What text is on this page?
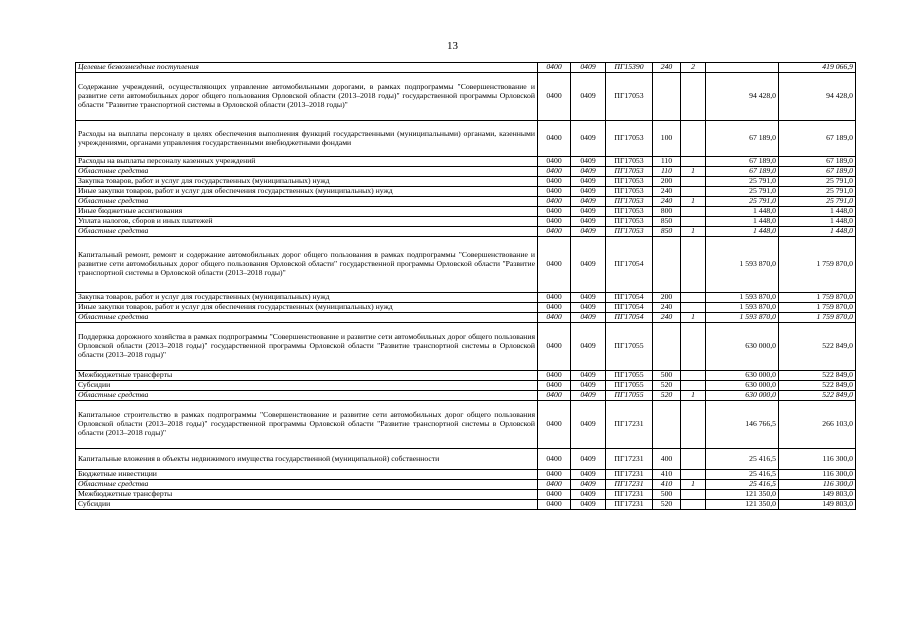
13
Целевые безвозмездные поступления	0400	0409	ПГ15390	240	2		419 066,9
Содержание учреждений, осуществляющих управление автомобильными дорогами, в рамках подпрограммы "Совершенствование и развитие сети автомобильных дорог общего пользования Орловской области (2013–2018 годы)" государственной программы Орловской области "Развитие транспортной системы в Орловской области (2013–2018 годы)"	0400	0409	ПГ17053			94 428,0	94 428,0
Расходы на выплаты персоналу в целях обеспечения выполнения функций государственными (муниципальными) органами, казенными учреждениями, органами управления государственными внебюджетными фондами	0400	0409	ПГ17053	100		67 189,0	67 189,0
Расходы на выплаты персоналу казенных учреждений	0400	0409	ПГ17053	110		67 189,0	67 189,0
Областные средства	0400	0409	ПГ17053	110	1	67 189,0	67 189,0
Закупка товаров, работ и услуг для государственных (муниципальных) нужд	0400	0409	ПГ17053	200		25 791,0	25 791,0
Иные закупки товаров, работ и услуг для обеспечения государственных (муниципальных) нужд	0400	0409	ПГ17053	240		25 791,0	25 791,0
Областные средства	0400	0409	ПГ17053	240	1	25 791,0	25 791,0
Иные бюджетные ассигнования	0400	0409	ПГ17053	800		1 448,0	1 448,0
Уплата налогов, сборов и иных платежей	0400	0409	ПГ17053	850		1 448,0	1 448,0
Областные средства	0400	0409	ПГ17053	850	1	1 448,0	1 448,0
Капитальный ремонт, ремонт и содержание автомобильных дорог общего пользования в рамках подпрограммы "Совершенствование и развитие сети автомобильных дорог общего пользования Орловской области" государственной программы Орловской области "Развитие транспортной системы в Орловской области (2013–2018 годы)"	0400	0409	ПГ17054			1 593 870,0	1 759 870,0
Закупка товаров, работ и услуг для государственных (муниципальных) нужд	0400	0409	ПГ17054	200		1 593 870,0	1 759 870,0
Иные закупки товаров, работ и услуг для обеспечения государственных (муниципальных) нужд	0400	0409	ПГ17054	240		1 593 870,0	1 759 870,0
Областные средства	0400	0409	ПГ17054	240	1	1 593 870,0	1 759 870,0
Поддержка дорожного хозяйства в рамках подпрограммы "Совершенствование и развитие сети автомобильных дорог общего пользования Орловской области (2013–2018 годы)" государственной программы Орловской области "Развитие транспортной системы в Орловской области (2013–2018 годы)"	0400	0409	ПГ17055			630 000,0	522 849,0
Межбюджетные трансферты	0400	0409	ПГ17055	500		630 000,0	522 849,0
Субсидии	0400	0409	ПГ17055	520		630 000,0	522 849,0
Областные средства	0400	0409	ПГ17055	520	1	630 000,0	522 849,0
Капитальное строительство в рамках подпрограммы "Совершенствование и развитие сети автомобильных дорог общего пользования Орловской области (2013–2018 годы)" государственной программы Орловской области "Развитие транспортной системы в Орловской области (2013–2018 годы)"	0400	0409	ПГ17231			146 766,5	266 103,0
Капитальные вложения в объекты недвижимого имущества государственной (муниципальной) собственности	0400	0409	ПГ17231	400		25 416,5	116 300,0
Бюджетные инвестиции	0400	0409	ПГ17231	410		25 416,5	116 300,0
Областные средства	0400	0409	ПГ17231	410	1	25 416,5	116 300,0
Межбюджетные трансферты	0400	0409	ПГ17231	500		121 350,0	149 803,0
Субсидии	0400	0409	ПГ17231	520		121 350,0	149 803,0
